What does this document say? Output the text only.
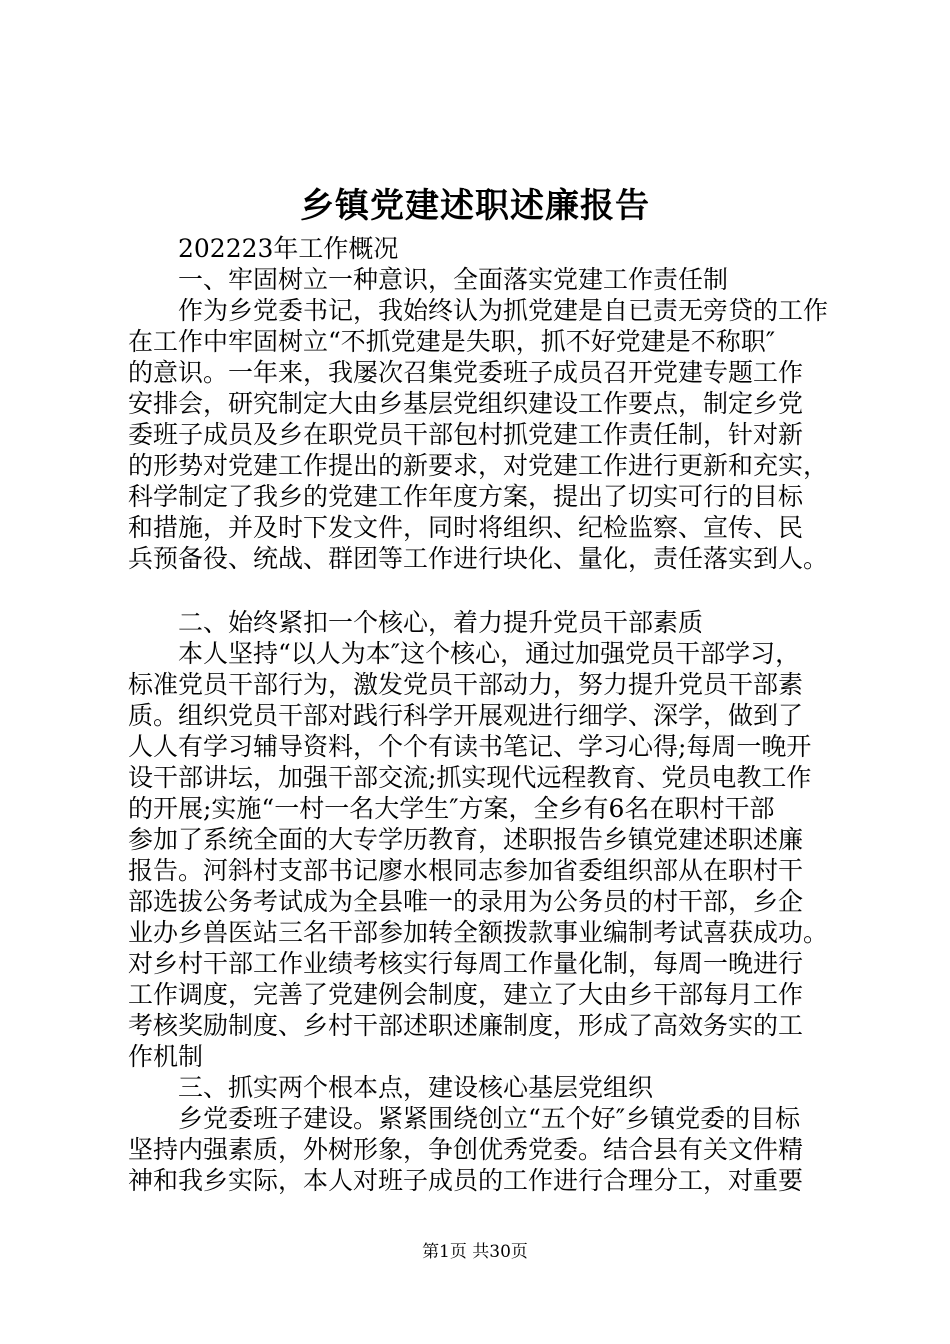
乡镇党建述职述廉报告
202223年工作概况
一、牢固树立一种意识，全面落实党建工作责任制
作为乡党委书记，我始终认为抓党建是自已责无旁贷的工作
在工作中牢固树立“不抓党建是失职，抓不好党建是不称职″
的意识。一年来，我屡次召集党委班子成员召开党建专题工作
安排会，研究制定大由乡基层党组织建设工作要点，制定乡党
委班子成员及乡在职党员干部包村抓党建工作责任制，针对新
的形势对党建工作提出的新要求，对党建工作进行更新和充实，
科学制定了我乡的党建工作年度方案，提出了切实可行的目标
和措施，并及时下发文件，同时将组织、纪检监察、宣传、民
兵预备役、统战、群团等工作进行块化、量化，责任落实到人。
二、始终紧扣一个核心，着力提升党员干部素质
本人坚持“以人为本″这个核心，通过加强党员干部学习，
标准党员干部行为，激发党员干部动力，努力提升党员干部素
质。组织党员干部对践行科学开展观进行细学、深学，做到了
人人有学习辅导资料，个个有读书笔记、学习心得;每周一晚开
设干部讲坛，加强干部交流;抓实现代远程教育、党员电教工作
的开展;实施“一村一名大学生″方案，全乡有6名在职村干部
参加了系统全面的大专学历教育，述职报告乡镇党建述职述廉
报告。河斜村支部书记廖水根同志参加省委组织部从在职村干
部选拔公务考试成为全县唯一的录用为公务员的村干部，乡企
业办乡兽医站三名干部参加转全额拨款事业编制考试喜获成功。
对乡村干部工作业绩考核实行每周工作量化制，每周一晚进行
工作调度，完善了党建例会制度，建立了大由乡干部每月工作
考核奖励制度、乡村干部述职述廉制度，形成了高效务实的工
作机制
三、抓实两个根本点，建设核心基层党组织
乡党委班子建设。紧紧围绕创立“五个好″乡镇党委的目标
坚持内强素质，外树形象，争创优秀党委。结合县有关文件精
神和我乡实际，本人对班子成员的工作进行合理分工，对重要
第1页 共30页
